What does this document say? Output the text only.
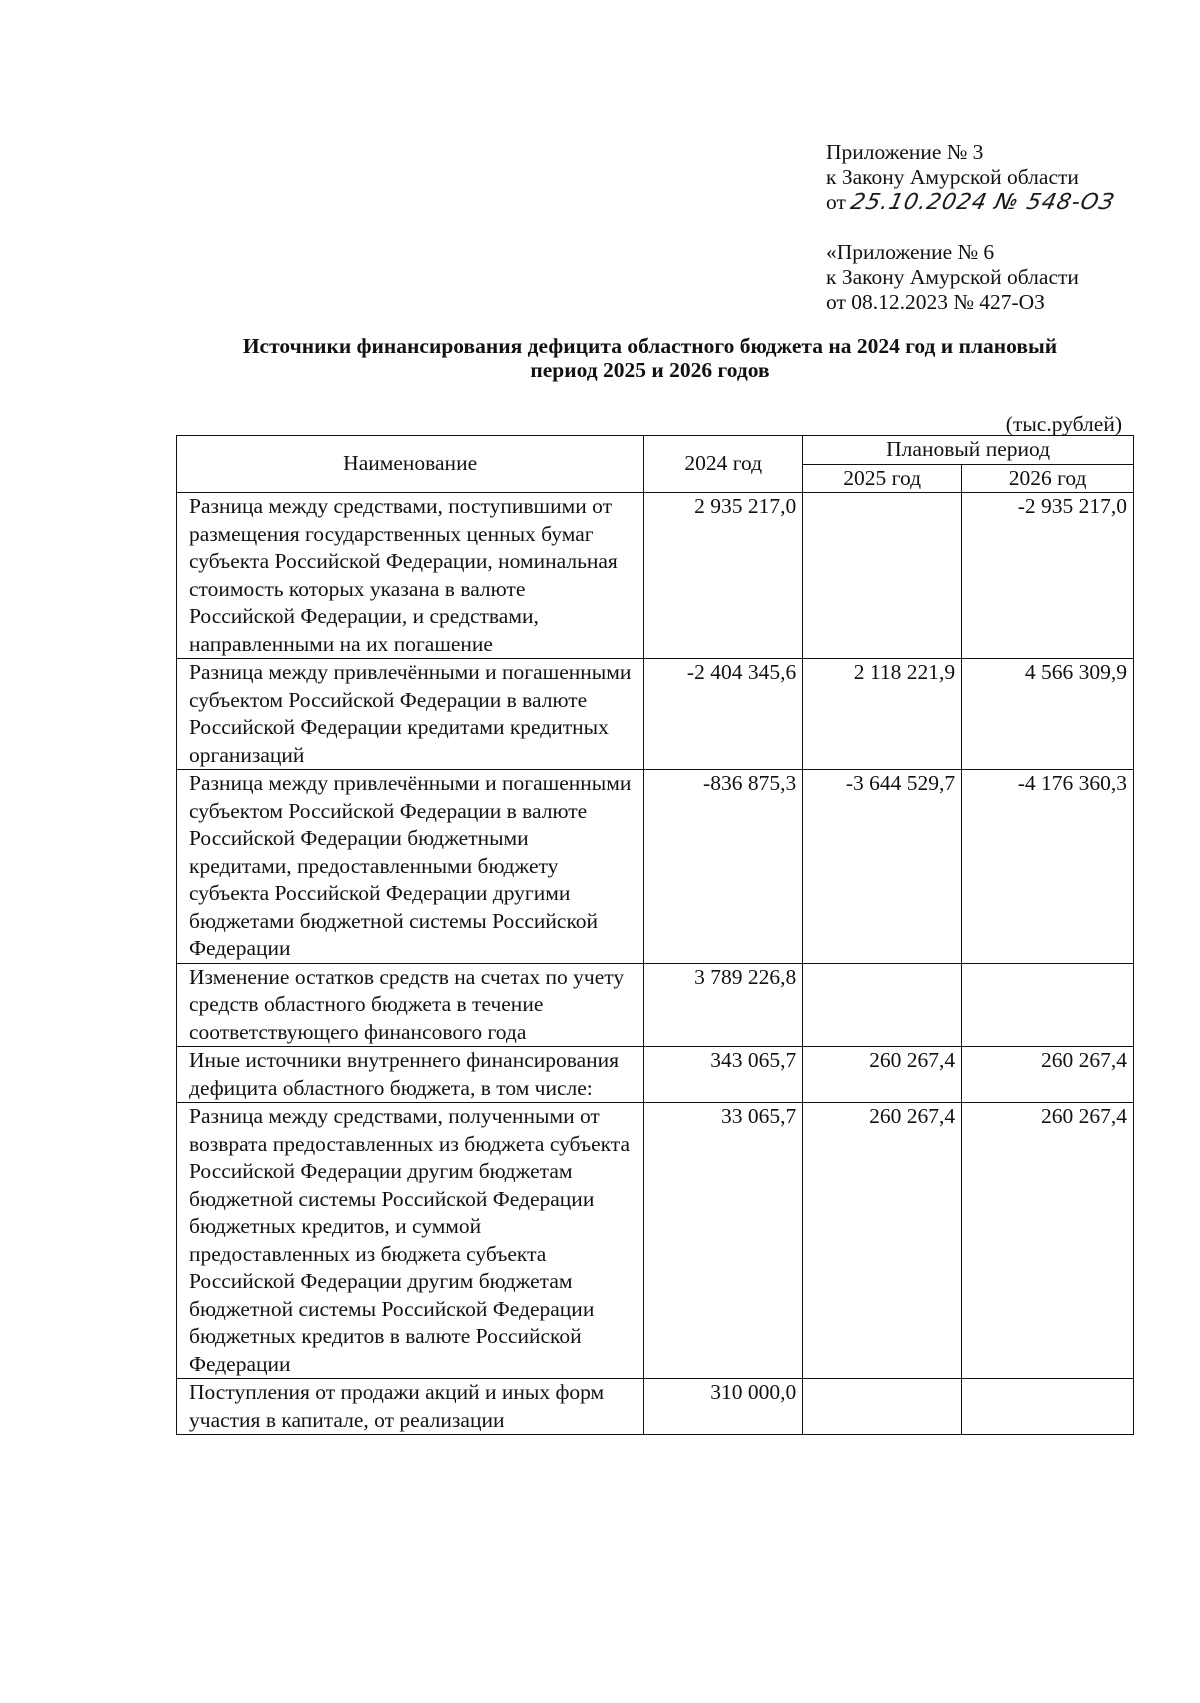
Приложение № 3
к Закону Амурской области
от 25.10.2024 № 548-ОЗ
«Приложение № 6
к Закону Амурской области
от 08.12.2023 № 427-ОЗ
Источники финансирования дефицита областного бюджета на 2024 год и плановый
период 2025 и 2026 годов
(тыс.рублей)
Наименование	2024 год	Плановый период	
		2025 год	2026 год
Разница между средствами, поступившими от размещения государственных ценных бумаг субъекта Российской Федерации, номинальная стоимость которых указана в валюте Российской Федерации, и средствами, направленными на их погашение	2 935 217,0		-2 935 217,0
Разница между привлечёнными и погашенными субъектом Российской Федерации в валюте Российской Федерации кредитами кредитных организаций	-2 404 345,6	2 118 221,9	4 566 309,9
Разница между привлечёнными и погашенными субъектом Российской Федерации в валюте Российской Федерации бюджетными кредитами, предоставленными бюджету субъекта Российской Федерации другими бюджетами бюджетной системы Российской Федерации	-836 875,3	-3 644 529,7	-4 176 360,3
Изменение остатков средств на счетах по учету средств областного бюджета в течение соответствующего финансового года	3 789 226,8		
Иные источники внутреннего финансирования дефицита областного бюджета, в том числе:	343 065,7	260 267,4	260 267,4
Разница между средствами, полученными от возврата предоставленных из бюджета субъекта Российской Федерации другим бюджетам бюджетной системы Российской Федерации бюджетных кредитов, и суммой предоставленных из бюджета субъекта Российской Федерации другим бюджетам бюджетной системы Российской Федерации бюджетных кредитов в валюте Российской Федерации	33 065,7	260 267,4	260 267,4
Поступления от продажи акций и иных форм участия в капитале, от реализации	310 000,0		
